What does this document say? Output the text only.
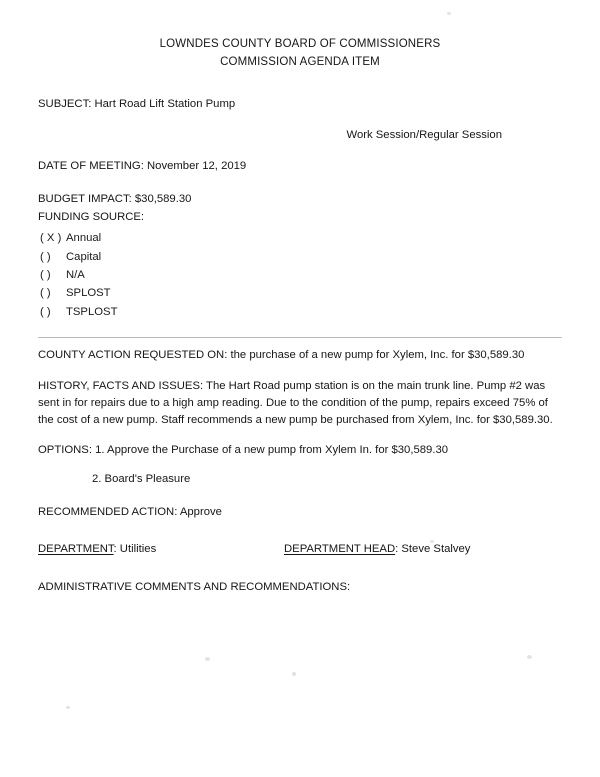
LOWNDES COUNTY BOARD OF COMMISSIONERS
COMMISSION AGENDA ITEM
SUBJECT: Hart Road Lift Station Pump
Work Session/Regular Session
DATE OF MEETING: November 12, 2019
BUDGET IMPACT: $30,589.30
FUNDING SOURCE:
( X ) Annual
( ) Capital
( ) N/A
( ) SPLOST
( ) TSPLOST
COUNTY ACTION REQUESTED ON: the purchase of a new pump for Xylem, Inc. for $30,589.30
HISTORY, FACTS AND ISSUES: The Hart Road pump station is on the main trunk line. Pump #2 was sent in for repairs due to a high amp reading. Due to the condition of the pump, repairs exceed 75% of the cost of a new pump. Staff recommends a new pump be purchased from Xylem, Inc. for $30,589.30.
OPTIONS: 1. Approve the Purchase of a new pump from Xylem In. for $30,589.30
2. Board's Pleasure
RECOMMENDED ACTION: Approve
DEPARTMENT: Utilities	DEPARTMENT HEAD: Steve Stalvey
ADMINISTRATIVE COMMENTS AND RECOMMENDATIONS:
